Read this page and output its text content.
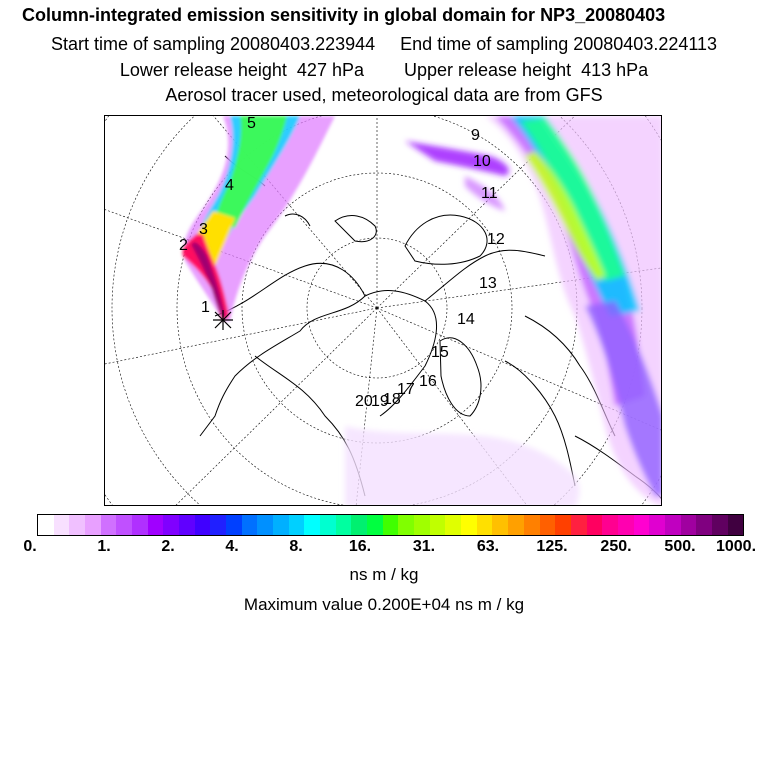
Column-integrated emission sensitivity in global domain for NP3_20080403
Start time of sampling 20080403.223944     End time of sampling 20080403.224113
Lower release height  427 hPa        Upper release height  413 hPa
Aerosol tracer used, meteorological data are from GFS
1
2
3
4
5
9
10
11
12
13
14
15
16
17
18
19
20
0.	1.	2.	4.	8.	16.	31.	63. 125. 250. 500. 1000.
ns m / kg
Maximum value 0.200E+04 ns m / kg
